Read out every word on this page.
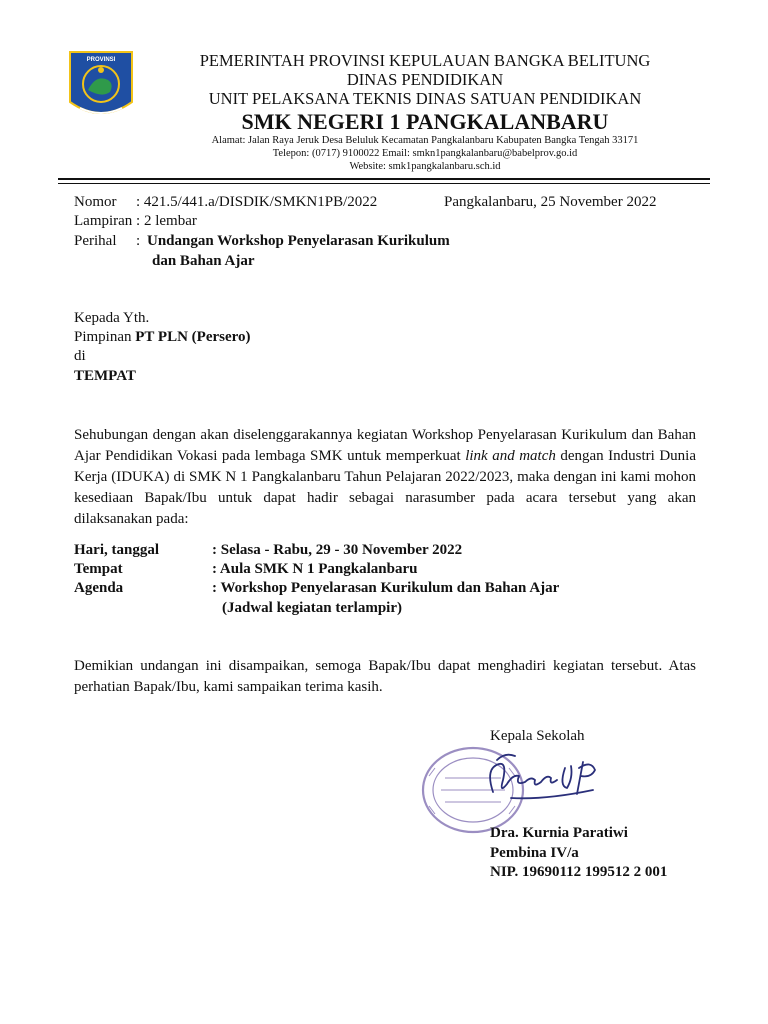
PROVINSI	PEMERINTAH PROVINSI KEPULAUAN BANGKA BELITUNG
DINAS PENDIDIKAN
UNIT PELAKSANA TEKNIS DINAS SATUAN PENDIDIKAN
SMK NEGERI 1 PANGKALANBARU
Alamat: Jalan Raya Jeruk Desa Beluluk Kecamatan Pangkalanbaru Kabupaten Bangka Tengah 33171
Telepon: (0717) 9100022 Email: smkn1pangkalanbaru@babelprov.go.id
Website: smk1pangkalanbaru.sch.id
Nomor : 421.5/441.a/DISDIK/SMKN1PB/2022	Pangkalanbaru, 25 November 2022
Lampiran : 2 lembar
Perihal : Undangan Workshop Penyelarasan Kurikulum
dan Bahan Ajar
Kepada Yth.
Pimpinan PT PLN (Persero)
di
TEMPAT
Sehubungan dengan akan diselenggarakannya kegiatan Workshop Penyelarasan Kurikulum dan Bahan Ajar Pendidikan Vokasi pada lembaga SMK untuk memperkuat link and match dengan Industri Dunia Kerja (IDUKA) di SMK N 1 Pangkalanbaru Tahun Pelajaran 2022/2023, maka dengan ini kami mohon kesediaan Bapak/Ibu untuk dapat hadir sebagai narasumber pada acara tersebut yang akan dilaksanakan pada:
Hari, tanggal	: Selasa - Rabu, 29 - 30 November 2022
Tempat	: Aula SMK N 1 Pangkalanbaru
Agenda	: Workshop Penyelarasan Kurikulum dan Bahan Ajar
(Jadwal kegiatan terlampir)
Demikian undangan ini disampaikan, semoga Bapak/Ibu dapat menghadiri kegiatan tersebut. Atas perhatian Bapak/Ibu, kami sampaikan terima kasih.
Kepala Sekolah
Dra. Kurnia Paratiwi
Pembina IV/a
NIP. 19690112 199512 2 001
